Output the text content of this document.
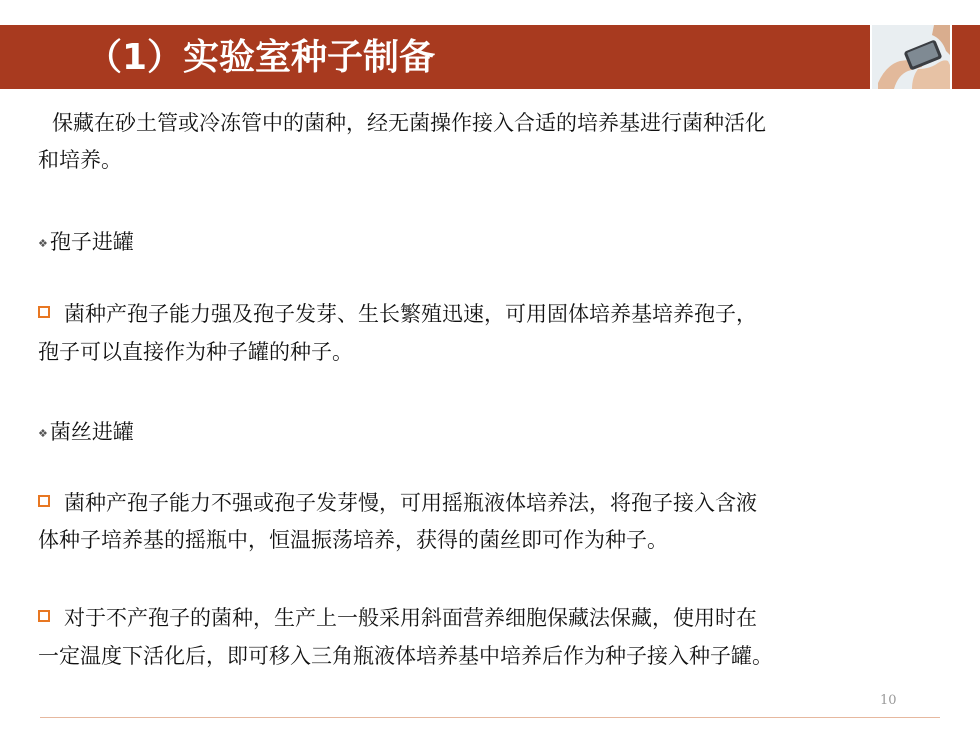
（1）实验室种子制备

保藏在砂土管或冷冻管中的菌种，经无菌操作接入合适的培养基进行菌种活化

和培养。

❖孢子进罐

菌种产孢子能力强及孢子发芽、生长繁殖迅速，可用固体培养基培养孢子，

孢子可以直接作为种子罐的种子。

❖菌丝进罐

菌种产孢子能力不强或孢子发芽慢，可用摇瓶液体培养法，将孢子接入含液

体种子培养基的摇瓶中，恒温振荡培养，获得的菌丝即可作为种子。

对于不产孢子的菌种，生产上一般采用斜面营养细胞保藏法保藏，使用时在

一定温度下活化后，即可移入三角瓶液体培养基中培养后作为种子接入种子罐。

10
